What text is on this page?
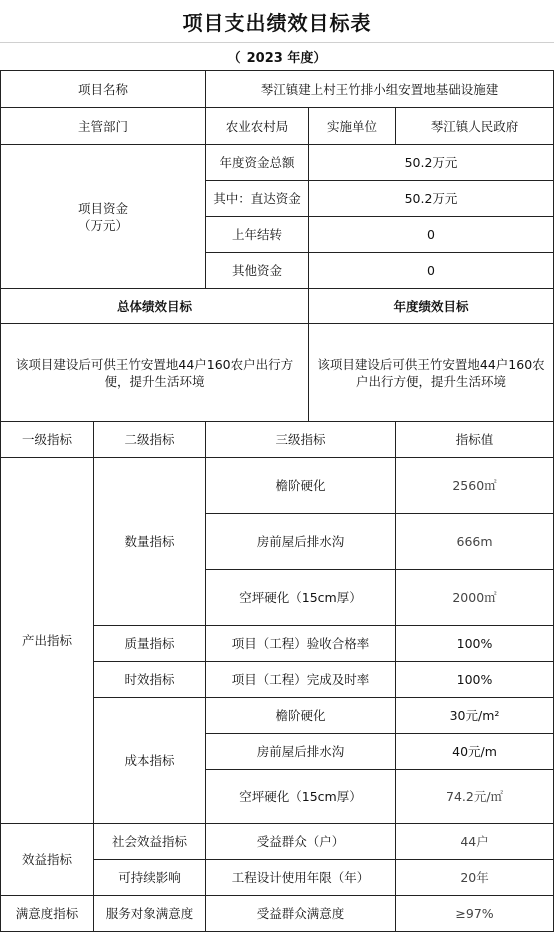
项目支出绩效目标表
（ 2023 年度）
项目名称		琴江镇建上村王竹排小组安置地基础设施建		
主管部门		农业农村局	实施单位	琴江镇人民政府

项目资金
（万元）		年度资金总额	50.2万元	
		其中：直达资金	50.2万元	
		上年结转	0	
		其他资金	0	
总体绩效目标			年度绩效目标	
该项目建设后可供王竹安置地44户160农户出行方便，提升生活环境			该项目建设后可供王竹安置地44户160农户出行方便，提升生活环境	
一级指标	二级指标	三级指标		指标值
产出指标	数量指标	檐阶硬化		2560㎡
		房前屋后排水沟		666m
		空坪硬化（15cm厚）		2000㎡
	质量指标	项目（工程）验收合格率		100%
	时效指标	项目（工程）完成及时率		100%
	成本指标	檐阶硬化		30元/m²
		房前屋后排水沟		40元/m
		空坪硬化（15cm厚）		74.2元/㎡
效益指标	社会效益指标	受益群众（户）		44户
	可持续影响	工程设计使用年限（年）		20年
满意度指标	服务对象满意度	受益群众满意度		≥97%
